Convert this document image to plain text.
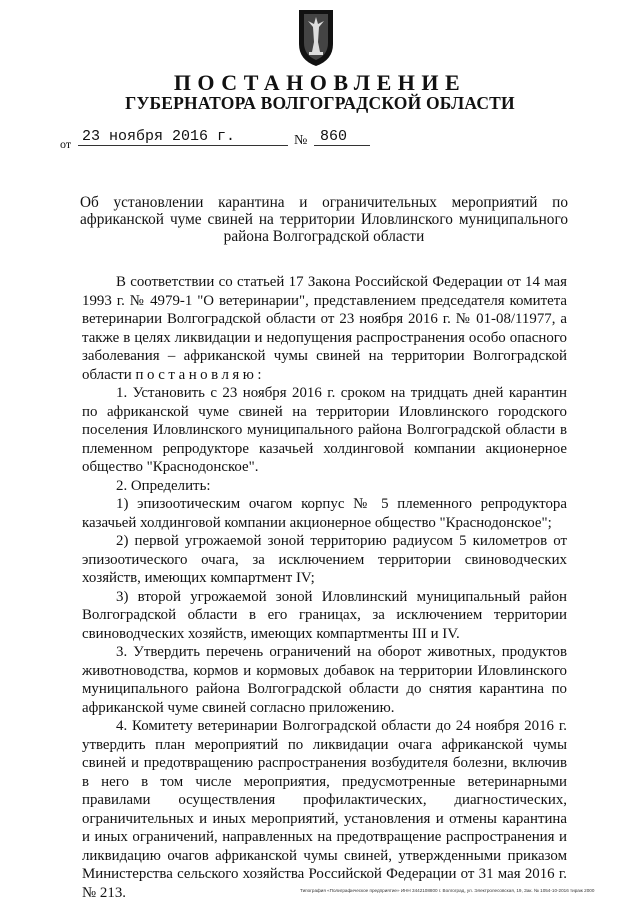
ПОСТАНОВЛЕНИЕ
ГУБЕРНАТОРА ВОЛГОГРАДСКОЙ ОБЛАСТИ
от 23 ноября 2016 г.	№ 860
Об установлении карантина и ограничительных мероприятий по африканской чуме свиней на территории Иловлинского муниципального района Волгоградской области

В соответствии со статьей 17 Закона Российской Федерации от 14 мая 1993 г. № 4979-1 "О ветеринарии", представлением председателя комитета ветеринарии Волгоградской области от 23 ноября 2016 г. № 01-08/11977, а также в целях ликвидации и недопущения распространения особо опасного заболевания – африканской чумы свиней на территории Волгоградской области постановляю:

1. Установить с 23 ноября 2016 г. сроком на тридцать дней карантин по африканской чуме свиней на территории Иловлинского городского поселения Иловлинского муниципального района Волгоградской области в племенном репродукторе казачьей холдинговой компании акционерное общество "Краснодонское".

2. Определить:

1) эпизоотическим очагом корпус № 5 племенного репродуктора казачьей холдинговой компании акционерное общество "Краснодонское";

2) первой угрожаемой зоной территорию радиусом 5 километров от эпизоотического очага, за исключением территории свиноводческих хозяйств, имеющих компартмент IV;

3) второй угрожаемой зоной Иловлинский муниципальный район Волгоградской области в его границах, за исключением территории свиноводческих хозяйств, имеющих компартменты III и IV.

3. Утвердить перечень ограничений на оборот животных, продуктов животноводства, кормов и кормовых добавок на территории Иловлинского муниципального района Волгоградской области до снятия карантина по африканской чуме свиней согласно приложению.

4. Комитету ветеринарии Волгоградской области до 24 ноября 2016 г. утвердить план мероприятий по ликвидации очага африканской чумы свиней и предотвращению распространения возбудителя болезни, включив в него в том числе мероприятия, предусмотренные ветеринарными правилами осуществления профилактических, диагностических, ограничительных и иных мероприятий, установления и отмены карантина и иных ограничений, направленных на предотвращение распространения и ликвидацию очагов африканской чумы свиней, утвержденными приказом Министерства сельского хозяйства Российской Федерации от 31 мая 2016 г. № 213.	Типография «Полиграфическое предприятие» ИНН 3442108800 г. Волгоград, ул. Электролесовская, 19, Зак. № 1054-10-2016 тираж 2000
